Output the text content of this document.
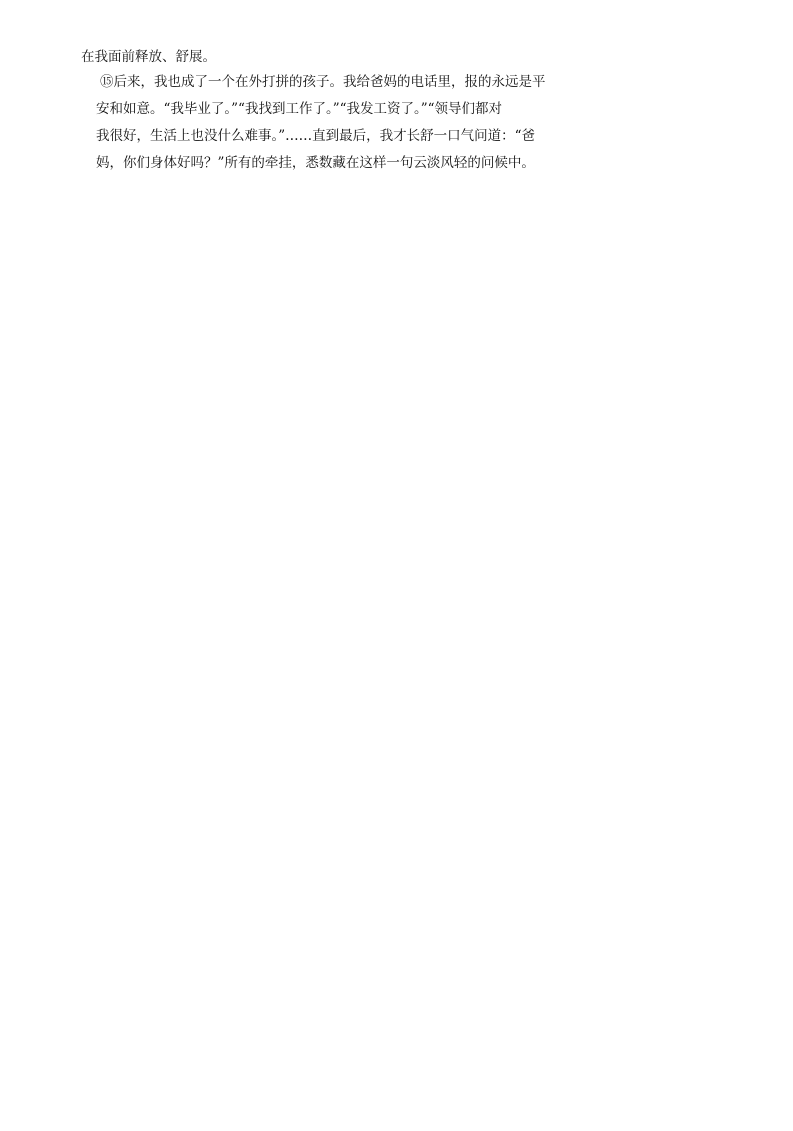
在我面前释放、舒展。
⑮后来，我也成了一个在外打拼的孩子。我给爸妈的电话里，报的永远是平
安和如意。“我毕业了。”“我找到工作了。”“我发工资了。”“领导们都对
我很好，生活上也没什么难事。”……直到最后，我才长舒一口气问道：“爸
妈，你们身体好吗？”所有的牵挂，悉数藏在这样一句云淡风轻的问候中。
